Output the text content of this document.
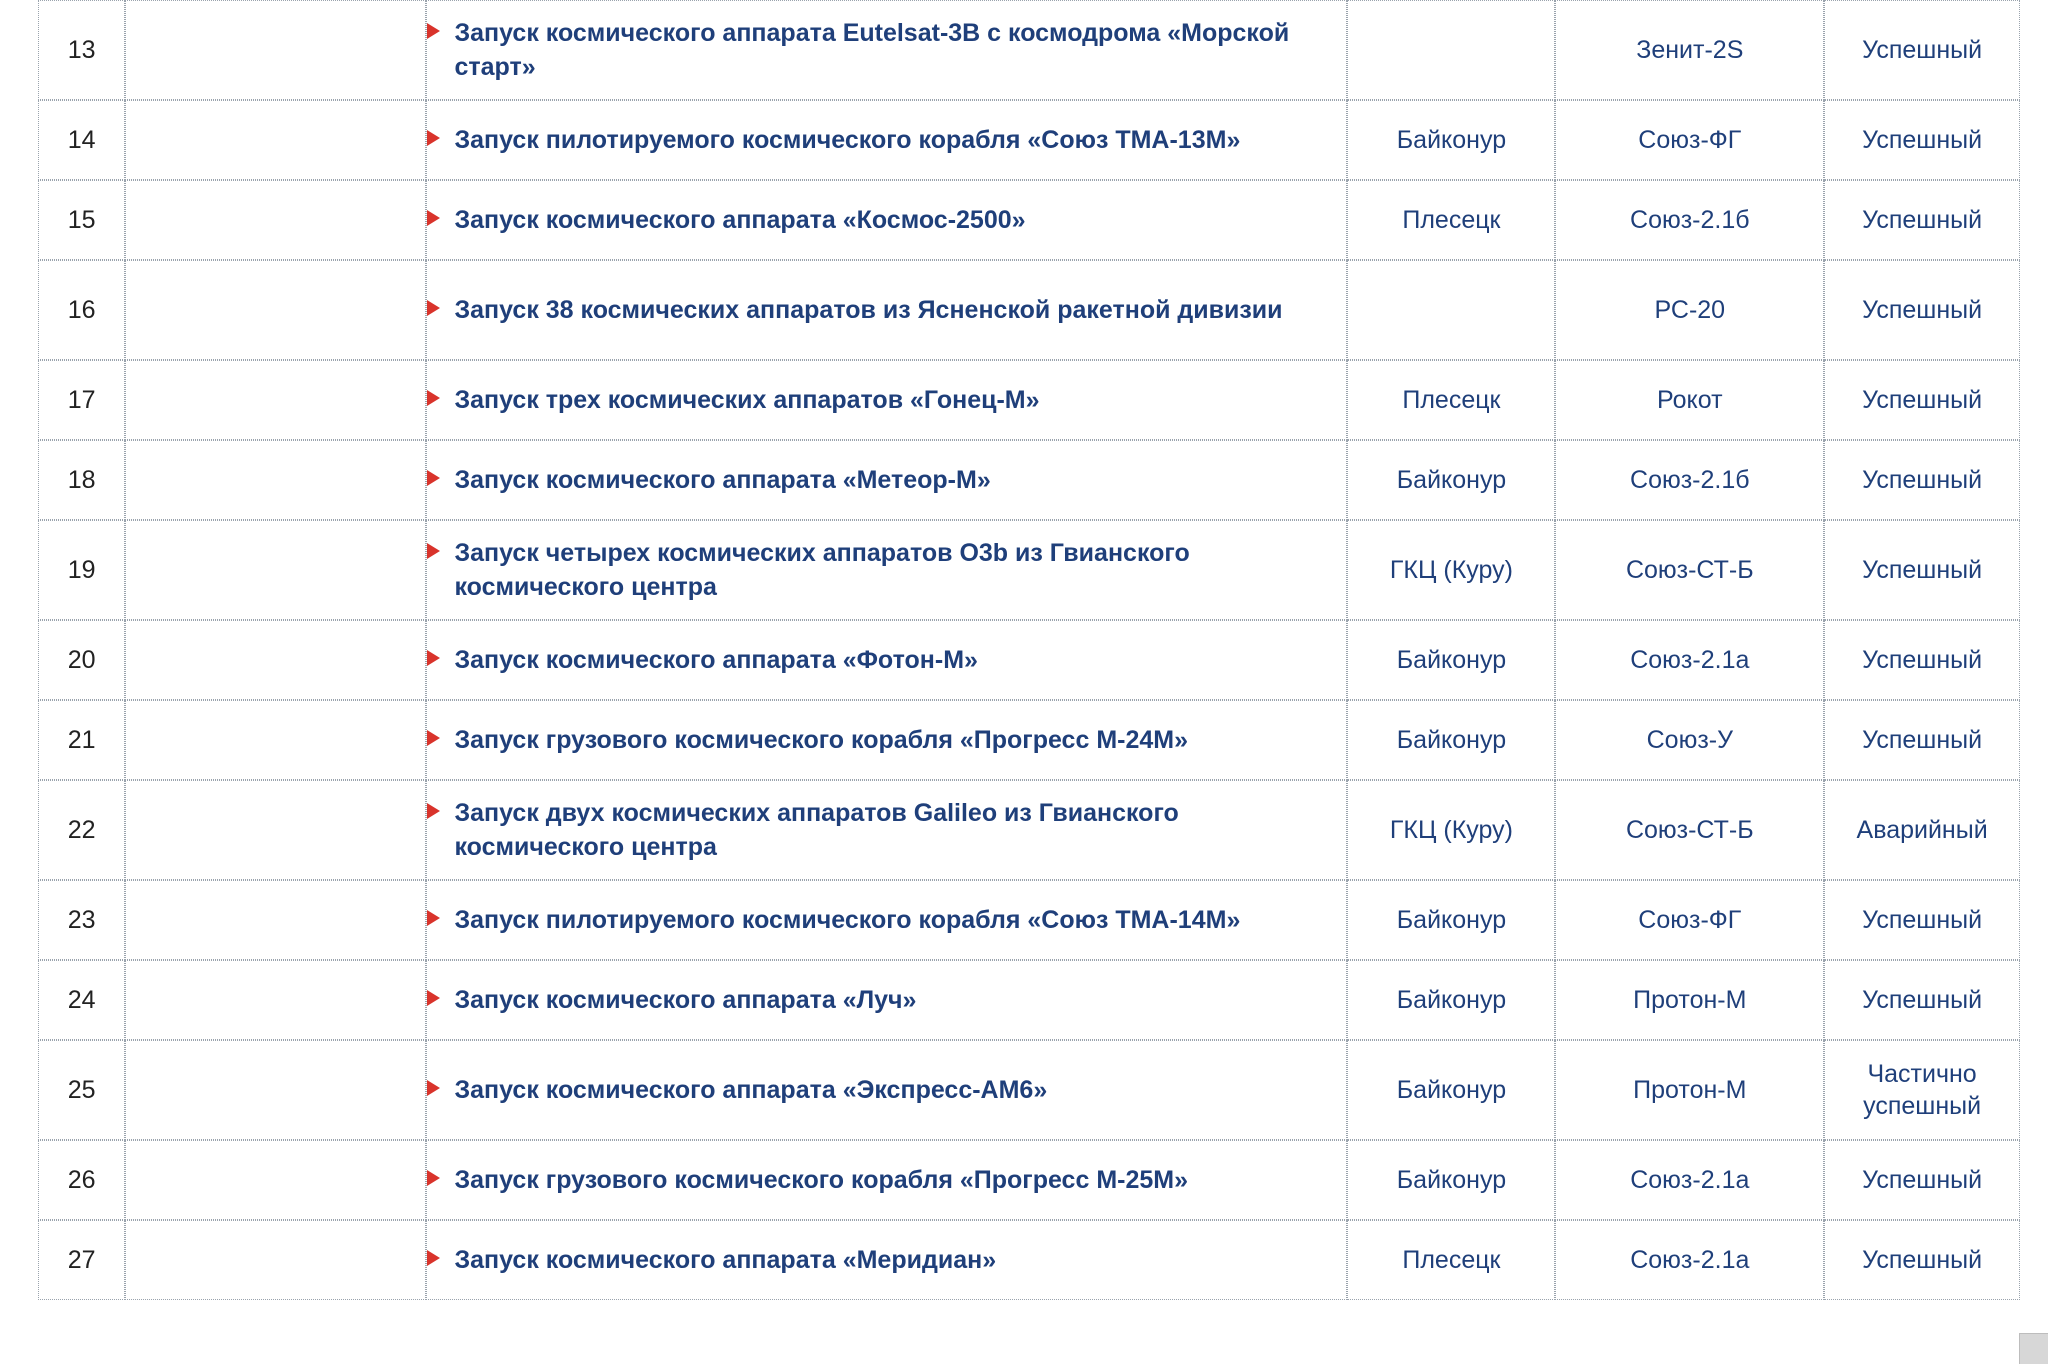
13	27.05.2014 00:09:59	Запуск космического аппарата Eutelsat-3B с космодрома «Морской старт»		Зенит-2S	Успешный
14	28.05.2014 22:57:41	Запуск пилотируемого космического корабля «Союз ТМА-13М»	Байконур	Союз-ФГ	Успешный
15	14.06.2014 20:16:48	Запуск космического аппарата «Космос-2500»	Плесецк	Союз-2.1б	Успешный
16	19.06.2014 22:11:17	Запуск 38 космических аппаратов из Ясненской ракетной дивизии		РС-20	Успешный
17	03.07.2014 15:43:52	Запуск трех космических аппаратов «Гонец-М»	Плесецк	Рокот	Успешный
18	08.07.2014 18:58:28	Запуск космического аппарата «Метеор-М»	Байконур	Союз-2.1б	Успешный
19	10.07.2014 21:55:56	Запуск четырех космических аппаратов O3b из Гвианского космического центра	ГКЦ (Куру)	Союз-СТ-Б	Успешный
20	18.07.2014 23:50:00	Запуск космического аппарата «Фотон-М»	Байконур	Союз-2.1а	Успешный
21	24.07.2014 00:44:44	Запуск грузового космического корабля «Прогресс М-24М»	Байконур	Союз-У	Успешный
22	22.08.2014 15:27:11	Запуск двух космических аппаратов Galileo из Гвианского космического центра	ГКЦ (Куру)	Союз-СТ-Б	Аварийный
23	25.09.2014 23:25:00	Запуск пилотируемого космического корабля «Союз ТМА-14М»	Байконур	Союз-ФГ	Успешный
24	27.09.2014 23:23:00	Запуск космического аппарата «Луч»	Байконур	Протон-М	Успешный
25	21.10.2014 18:09:32	Запуск космического аппарата «Экспресс-АМ6»	Байконур	Протон-М	Частично успешный
26	29.10.2014 10:09:43	Запуск грузового космического корабля «Прогресс М-25М»	Байконур	Союз-2.1а	Успешный
27	30.10.2014 04:42:52	Запуск космического аппарата «Меридиан»	Плесецк	Союз-2.1а	Успешный
